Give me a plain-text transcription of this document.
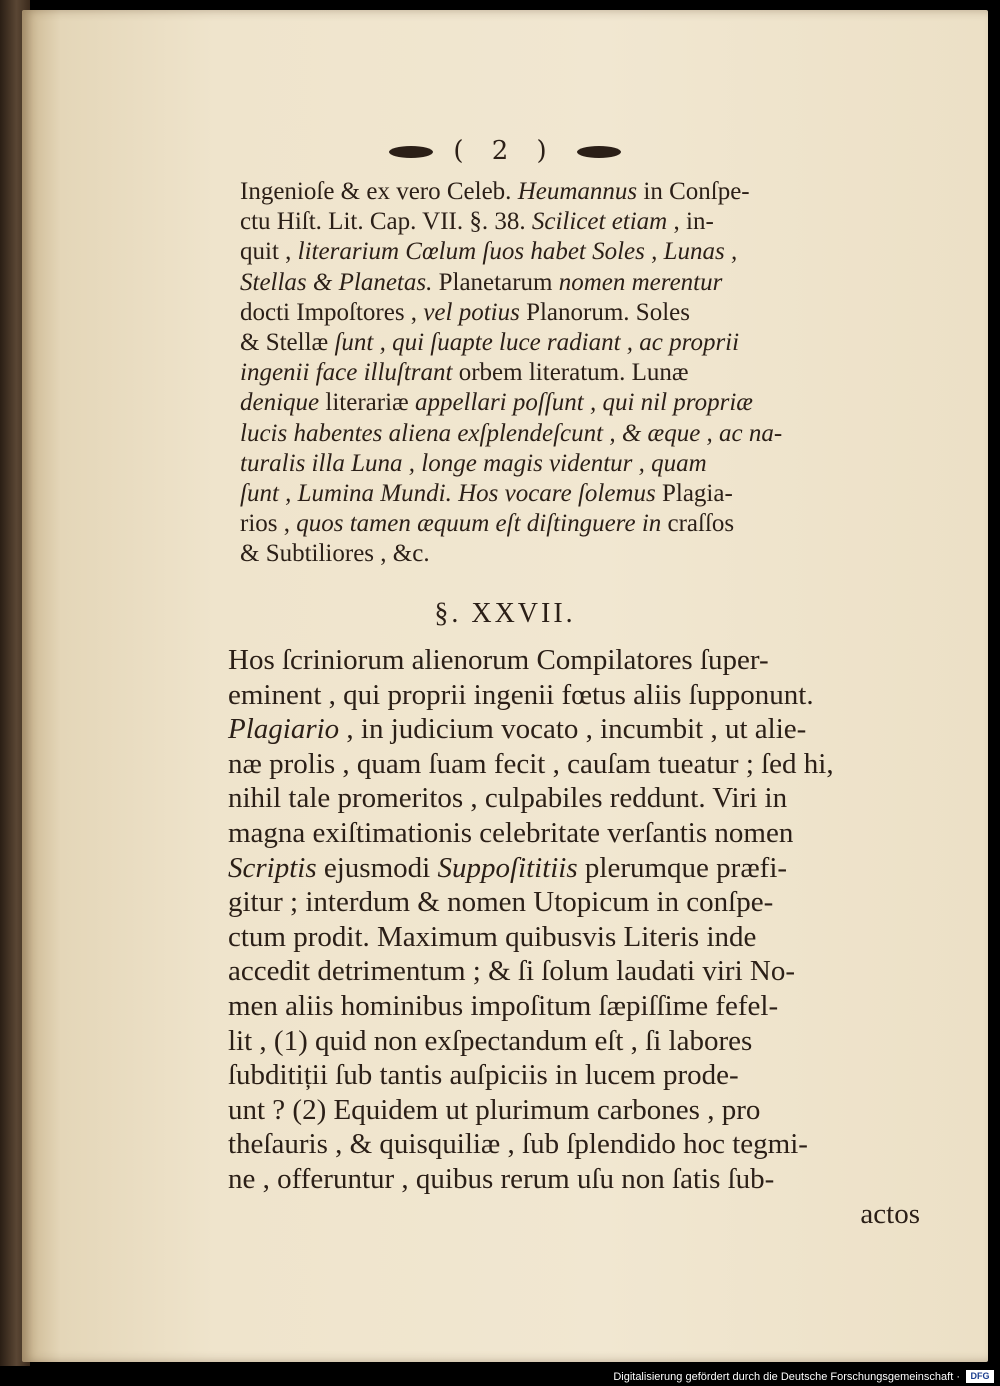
( 2 )
Ingenioſe & ex vero Celeb. Heumannus in Conſpe-
ctu Hiſt. Lit. Cap. VII. §. 38. Scilicet etiam , in-
quit , literarium Cœlum ſuos habet Soles , Lunas ,
Stellas & Planetas. Planetarum nomen merentur
docti Impoſtores , vel potius Planorum. Soles
& Stellæ ſunt , qui ſuapte luce radiant , ac proprii
ingenii face illuſtrant orbem literatum. Lunæ
denique literariæ appellari poſſunt , qui nil propriæ
lucis habentes aliena exſplendeſcunt , & æque , ac na-
turalis illa Luna , longe magis videntur , quam
ſunt , Lumina Mundi. Hos vocare ſolemus Plagia-
rios , quos tamen æquum eſt diſtinguere in craſſos
& Subtiliores , &c.
§. XXVII.
Hos ſcriniorum alienorum Compilatores ſuper-
eminent , qui proprii ingenii fœtus aliis ſupponunt.
Plagiario , in judicium vocato , incumbit , ut alie-
næ prolis , quam ſuam fecit , cauſam tueatur ; ſed hi,
nihil tale promeritos , culpabiles reddunt. Viri in
magna exiſtimationis celebritate verſantis nomen
Scriptis ejusmodi Suppoſititiis plerumque præfi-
gitur ; interdum & nomen Utopicum in conſpe-
ctum prodit. Maximum quibusvis Literis inde
accedit detrimentum ; & ſi ſolum laudati viri No-
men aliis hominibus impoſitum ſæpiſſime fefel-
lit , (1) quid non exſpectandum eſt , ſi labores
ſubditiții ſub tantis auſpiciis in lucem prode-
unt ? (2) Equidem ut plurimum carbones , pro
theſauris , & quisquiliæ , ſub ſplendido hoc tegmi-
ne , offeruntur , quibus rerum uſu non ſatis ſub-
actos
Digitalisierung gefördert durch die Deutsche Forschungsgemeinschaft ·	DFG
